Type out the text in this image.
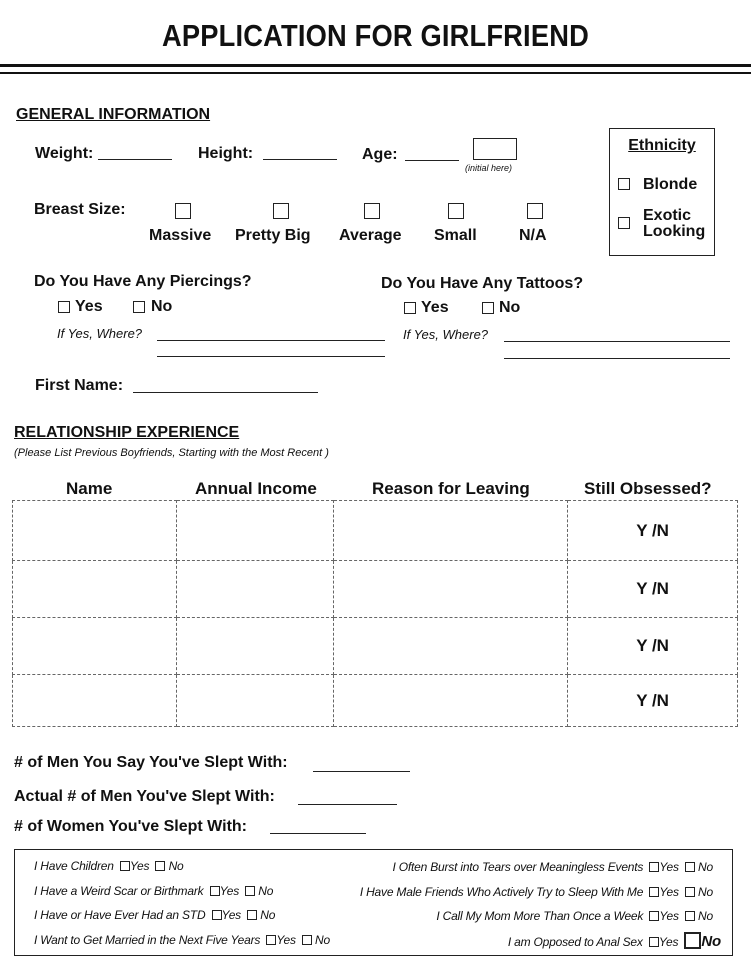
APPLICATION FOR GIRLFRIEND
GENERAL INFORMATION
Weight:	Height:	Age:
(initial here)
Ethnicity
Blonde
Exotic
Looking
Breast Size:
Massive Pretty Big Average Small	N/A
Do You Have Any Piercings?
Yes	No
If Yes, Where?
Do You Have Any Tattoos?
Yes	No
If Yes, Where?
First Name:
RELATIONSHIP EXPERIENCE
(Please List Previous Boyfriends, Starting with the Most Recent )
Name	Annual Income	Reason for Leaving	Still Obsessed?
			Y /N
			Y /N
			Y /N
			Y /N
# of Men You Say You've Slept With:
Actual # of Men You've Slept With:
# of Women You've Slept With:
I Have Children Yes No
I Have a Weird Scar or Birthmark Yes No
I Have or Have Ever Had an STD Yes No
I Want to Get Married in the Next Five Years Yes No
I Often Burst into Tears over Meaningless Events Yes No
I Have Male Friends Who Actively Try to Sleep With Me Yes No
I Call My Mom More Than Once a Week Yes No
I am Opposed to Anal Sex Yes No
